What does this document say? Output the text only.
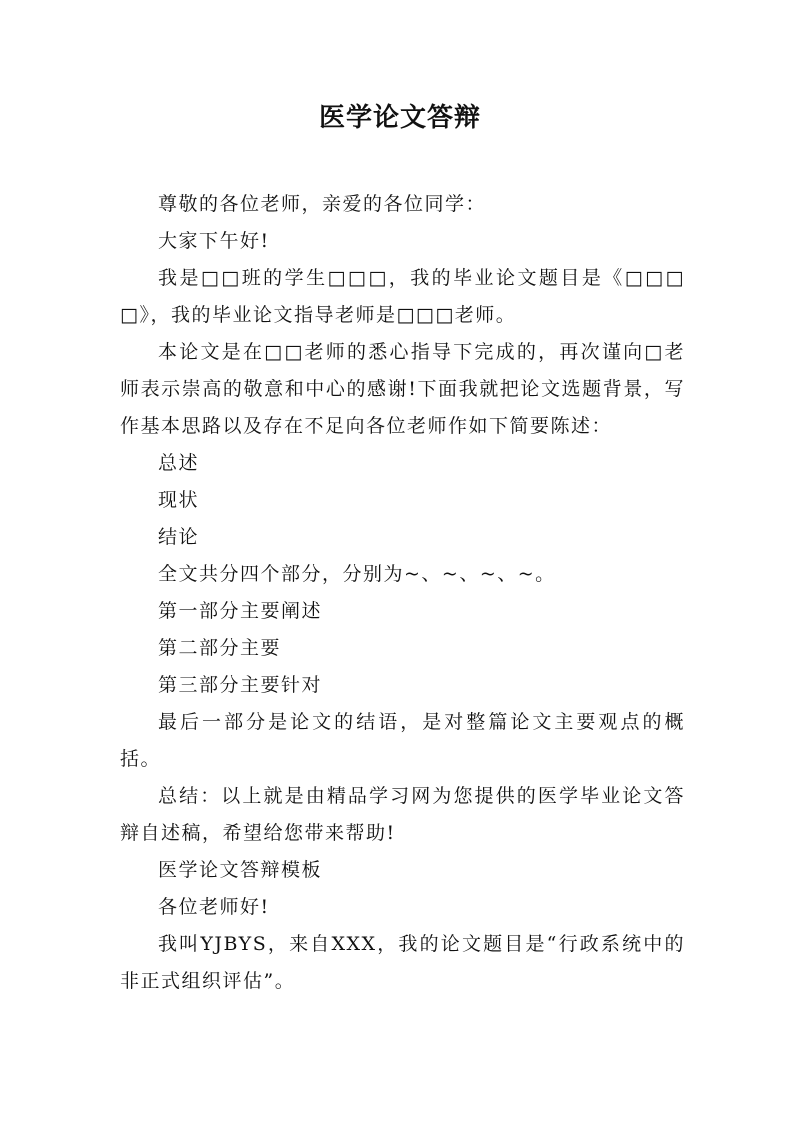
医学论文答辩

尊敬的各位老师，亲爱的各位同学：

大家下午好!

我是□□班的学生□□□，我的毕业论文题目是《□□□□》，我的毕业论文指导老师是□□□老师。

本论文是在□□老师的悉心指导下完成的，再次谨向□老师表示崇高的敬意和中心的感谢!下面我就把论文选题背景，写作基本思路以及存在不足向各位老师作如下简要陈述：

总述

现状

结论

全文共分四个部分，分别为~、~、~、~。

第一部分主要阐述

第二部分主要

第三部分主要针对

最后一部分是论文的结语，是对整篇论文主要观点的概括。

总结：以上就是由精品学习网为您提供的医学毕业论文答辩自述稿，希望给您带来帮助!

医学论文答辩模板

各位老师好!

我叫YJBYS，来自XXX，我的论文题目是“行政系统中的非正式组织评估”。
